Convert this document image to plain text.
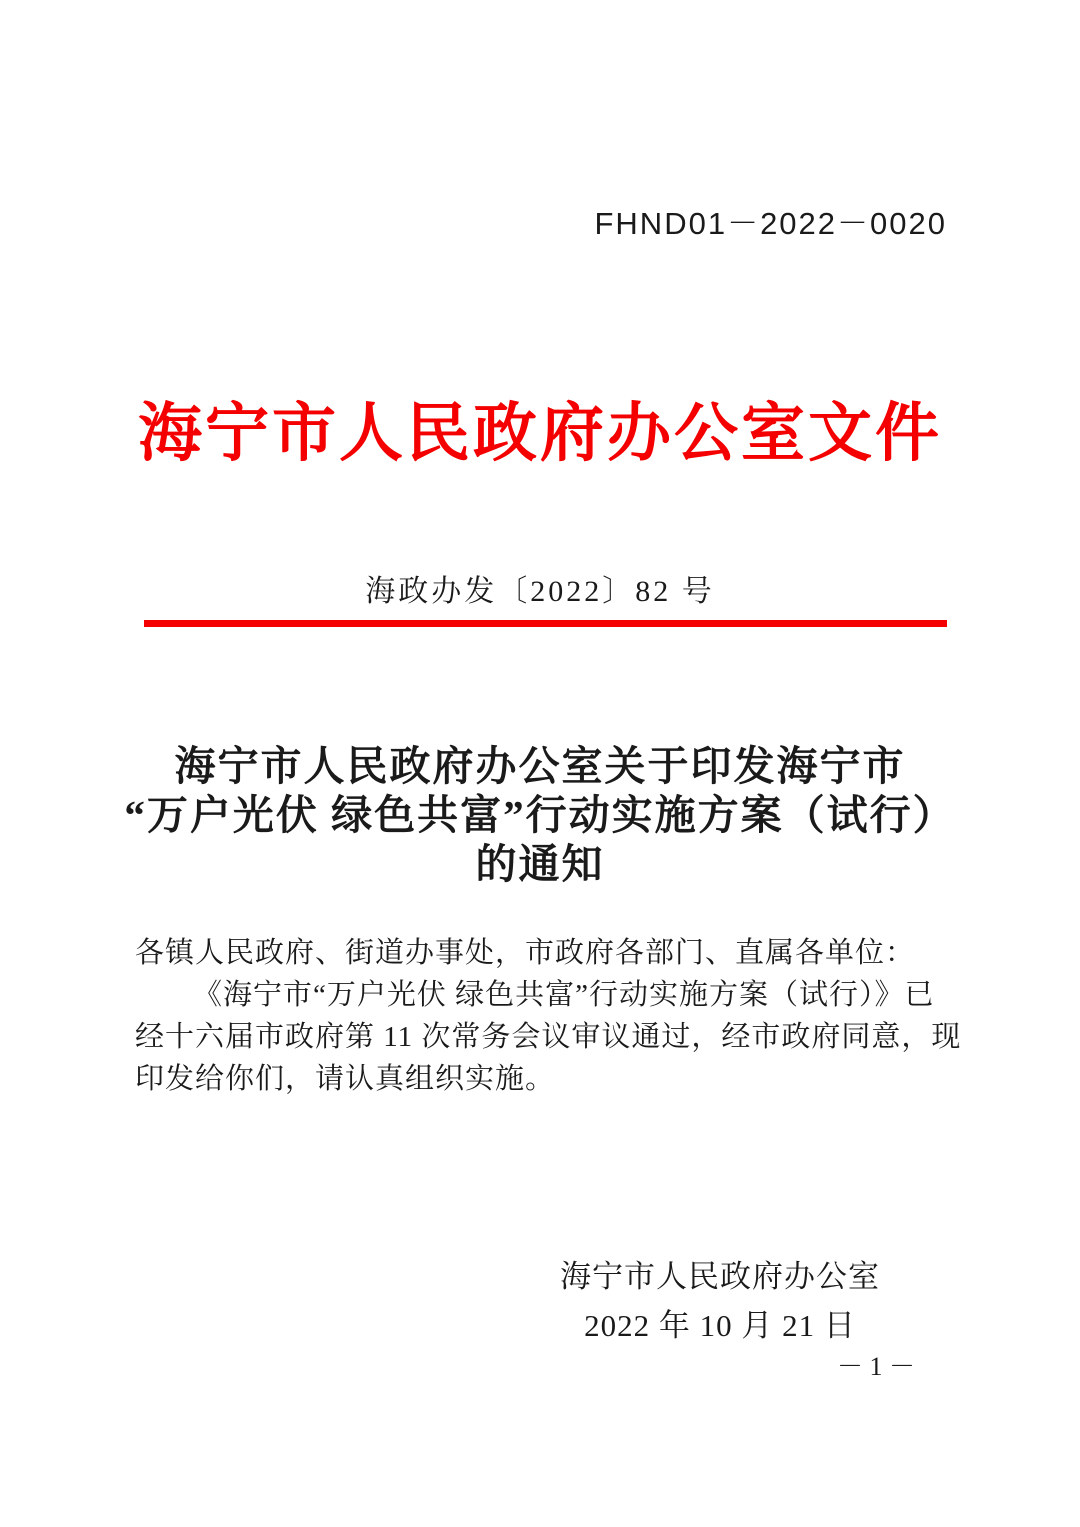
FHND01－2022－0020
海宁市人民政府办公室文件
海政办发〔2022〕82 号
海宁市人民政府办公室关于印发海宁市
“万户光伏 绿色共富”行动实施方案（试行）
的通知
各镇人民政府、街道办事处，市政府各部门、直属各单位：
《海宁市“万户光伏 绿色共富”行动实施方案（试行）》已
经十六届市政府第 11 次常务会议审议通过，经市政府同意，现
印发给你们，请认真组织实施。
海宁市人民政府办公室
2022 年 10 月 21 日
－ 1 －
